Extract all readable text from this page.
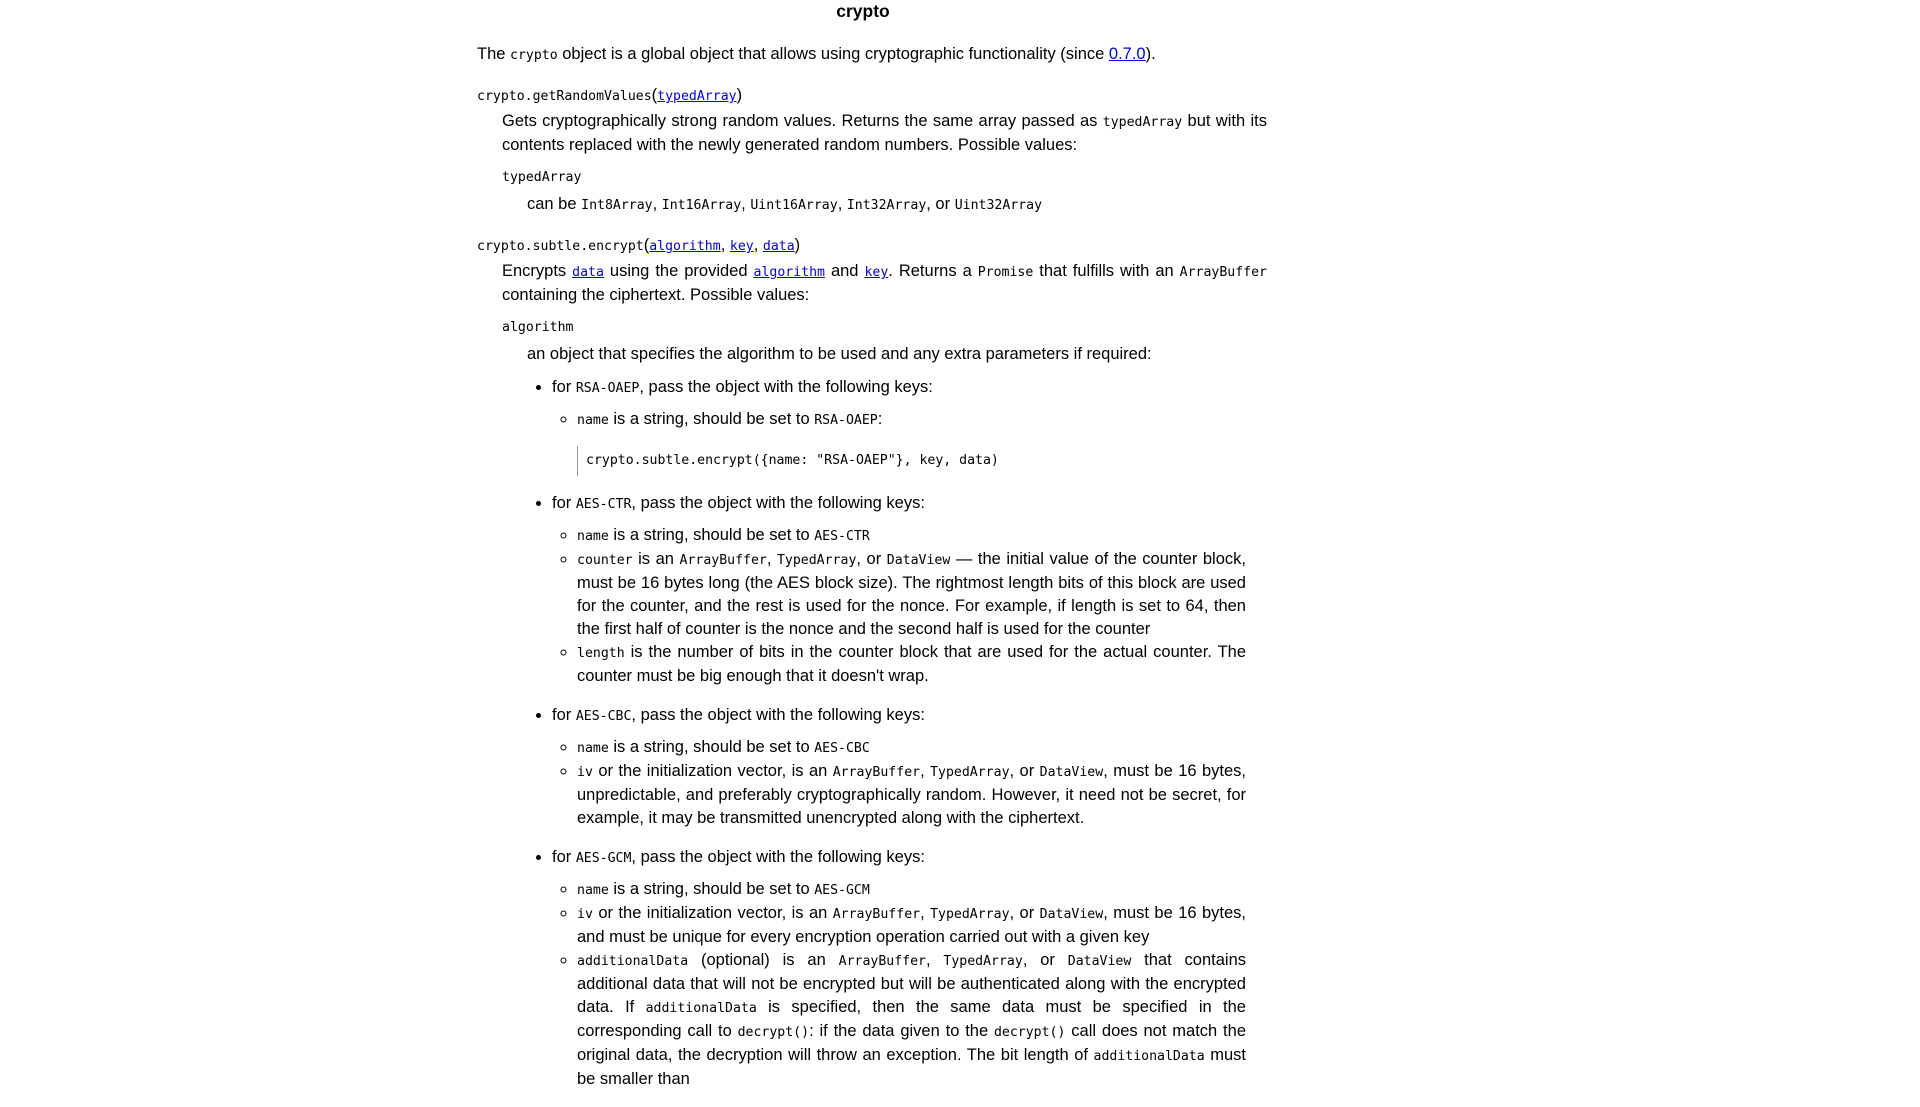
crypto

The crypto object is a global object that allows using cryptographic functionality (since 0.7.0).

crypto.getRandomValues(typedArray)

Gets cryptographically strong random values. Returns the same array passed as typedArray but with its contents replaced with the newly generated random numbers. Possible values:

typedArray
can be Int8Array, Int16Array, Uint16Array, Int32Array, or Uint32Array
crypto.subtle.encrypt(algorithm, key, data)

Encrypts data using the provided algorithm and key. Returns a Promise that fulfills with an ArrayBuffer containing the ciphertext. Possible values:

algorithm

an object that specifies the algorithm to be used and any extra parameters if required:

• for RSA-OAEP, pass the object with the following keys:
◦ name is a string, should be set to RSA-OAEP:
crypto.subtle.encrypt({name: "RSA-OAEP"}, key, data)
• for AES-CTR, pass the object with the following keys:
◦ name is a string, should be set to AES-CTR
◦ counter is an ArrayBuffer, TypedArray, or DataView — the initial value of the counter block, must be 16 bytes long (the AES block size). The rightmost length bits of this block are used for the counter, and the rest is used for the nonce. For example, if length is set to 64, then the first half of counter is the nonce and the second half is used for the counter
◦ length is the number of bits in the counter block that are used for the actual counter. The counter must be big enough that it doesn't wrap.
• for AES-CBC, pass the object with the following keys:
◦ name is a string, should be set to AES-CBC
◦ iv or the initialization vector, is an ArrayBuffer, TypedArray, or DataView, must be 16 bytes, unpredictable, and preferably cryptographically random. However, it need not be secret, for example, it may be transmitted unencrypted along with the ciphertext.
• for AES-GCM, pass the object with the following keys:
◦ name is a string, should be set to AES-GCM
◦ iv or the initialization vector, is an ArrayBuffer, TypedArray, or DataView, must be 16 bytes, and must be unique for every encryption operation carried out with a given key
◦ additionalData (optional) is an ArrayBuffer, TypedArray, or DataView that contains additional data that will not be encrypted but will be authenticated along with the encrypted data. If additionalData is specified, then the same data must be specified in the corresponding call to decrypt(): if the data given to the decrypt() call does not match the original data, the decryption will throw an exception. The bit length of additionalData must be smaller than
